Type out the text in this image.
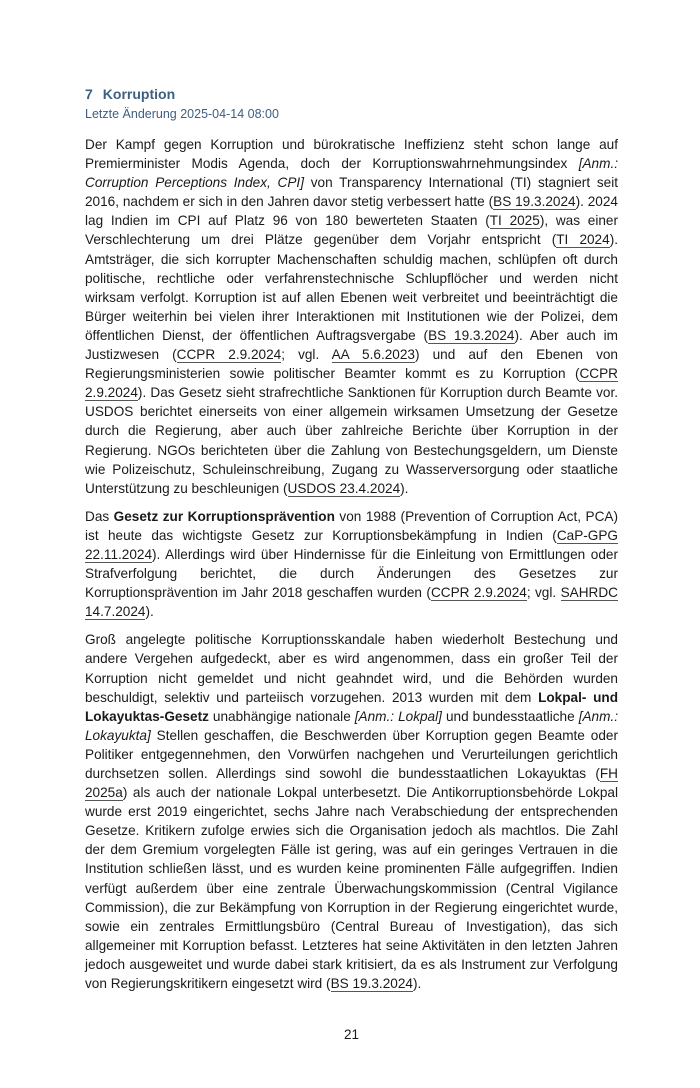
7 Korruption
Letzte Änderung 2025-04-14 08:00

Der Kampf gegen Korruption und bürokratische Ineffizienz steht schon lange auf Premierminister Modis Agenda, doch der Korruptionswahrnehmungsindex [Anm.: Corruption Perceptions Index, CPI] von Transparency International (TI) stagniert seit 2016, nachdem er sich in den Jahren davor stetig verbessert hatte (BS 19.3.2024). 2024 lag Indien im CPI auf Platz 96 von 180 bewerteten Staaten (TI 2025), was einer Verschlechterung um drei Plätze gegenüber dem Vorjahr entspricht (TI 2024). Amtsträger, die sich korrupter Machenschaften schuldig machen, schlüpfen oft durch politische, rechtliche oder verfahrenstechnische Schlupflöcher und werden nicht wirksam verfolgt. Korruption ist auf allen Ebenen weit verbreitet und beeinträchtigt die Bürger weiterhin bei vielen ihrer Interaktionen mit Institutionen wie der Polizei, dem öffentlichen Dienst, der öffentlichen Auftragsvergabe (BS 19.3.2024). Aber auch im Justizwesen (CCPR 2.9.2024; vgl. AA 5.6.2023) und auf den Ebenen von Regierungsministerien sowie politischer Beamter kommt es zu Korruption (CCPR 2.9.2024). Das Gesetz sieht strafrechtliche Sanktionen für Korruption durch Beamte vor. USDOS berichtet einerseits von einer allgemein wirksamen Umsetzung der Gesetze durch die Regierung, aber auch über zahlreiche Berichte über Korruption in der Regierung. NGOs berichteten über die Zahlung von Bestechungsgeldern, um Dienste wie Polizeischutz, Schuleinschreibung, Zugang zu Wasserversorgung oder staatliche Unterstützung zu beschleunigen (USDOS 23.4.2024).

Das Gesetz zur Korruptionsprävention von 1988 (Prevention of Corruption Act, PCA) ist heute das wichtigste Gesetz zur Korruptionsbekämpfung in Indien (CaP-GPG 22.11.2024). Allerdings wird über Hindernisse für die Einleitung von Ermittlungen oder Strafverfolgung berichtet, die durch Änderungen des Gesetzes zur Korruptionsprävention im Jahr 2018 geschaffen wurden (CCPR 2.9.2024; vgl. SAHRDC 14.7.2024).

Groß angelegte politische Korruptionsskandale haben wiederholt Bestechung und andere Vergehen aufgedeckt, aber es wird angenommen, dass ein großer Teil der Korruption nicht gemeldet und nicht geahndet wird, und die Behörden wurden beschuldigt, selektiv und parteiisch vorzugehen. 2013 wurden mit dem Lokpal- und Lokayuktas-Gesetz unabhängige nationale [Anm.: Lokpal] und bundesstaatliche [Anm.: Lokayukta] Stellen geschaffen, die Beschwerden über Korruption gegen Beamte oder Politiker entgegennehmen, den Vorwürfen nachgehen und Verurteilungen gerichtlich durchsetzen sollen. Allerdings sind sowohl die bundesstaatlichen Lokayuktas (FH 2025a) als auch der nationale Lokpal unterbesetzt. Die Antikorruptionsbehörde Lokpal wurde erst 2019 eingerichtet, sechs Jahre nach Verabschiedung der entsprechenden Gesetze. Kritikern zufolge erwies sich die Organisation jedoch als machtlos. Die Zahl der dem Gremium vorgelegten Fälle ist gering, was auf ein geringes Vertrauen in die Institution schließen lässt, und es wurden keine prominenten Fälle aufgegriffen. Indien verfügt außerdem über eine zentrale Überwachungskommission (Central Vigilance Commission), die zur Bekämpfung von Korruption in der Regierung eingerichtet wurde, sowie ein zentrales Ermittlungsbüro (Central Bureau of Investigation), das sich allgemeiner mit Korruption befasst. Letzteres hat seine Aktivitäten in den letzten Jahren jedoch ausgeweitet und wurde dabei stark kritisiert, da es als Instrument zur Verfolgung von Regierungskritikern eingesetzt wird (BS 19.3.2024).

21
